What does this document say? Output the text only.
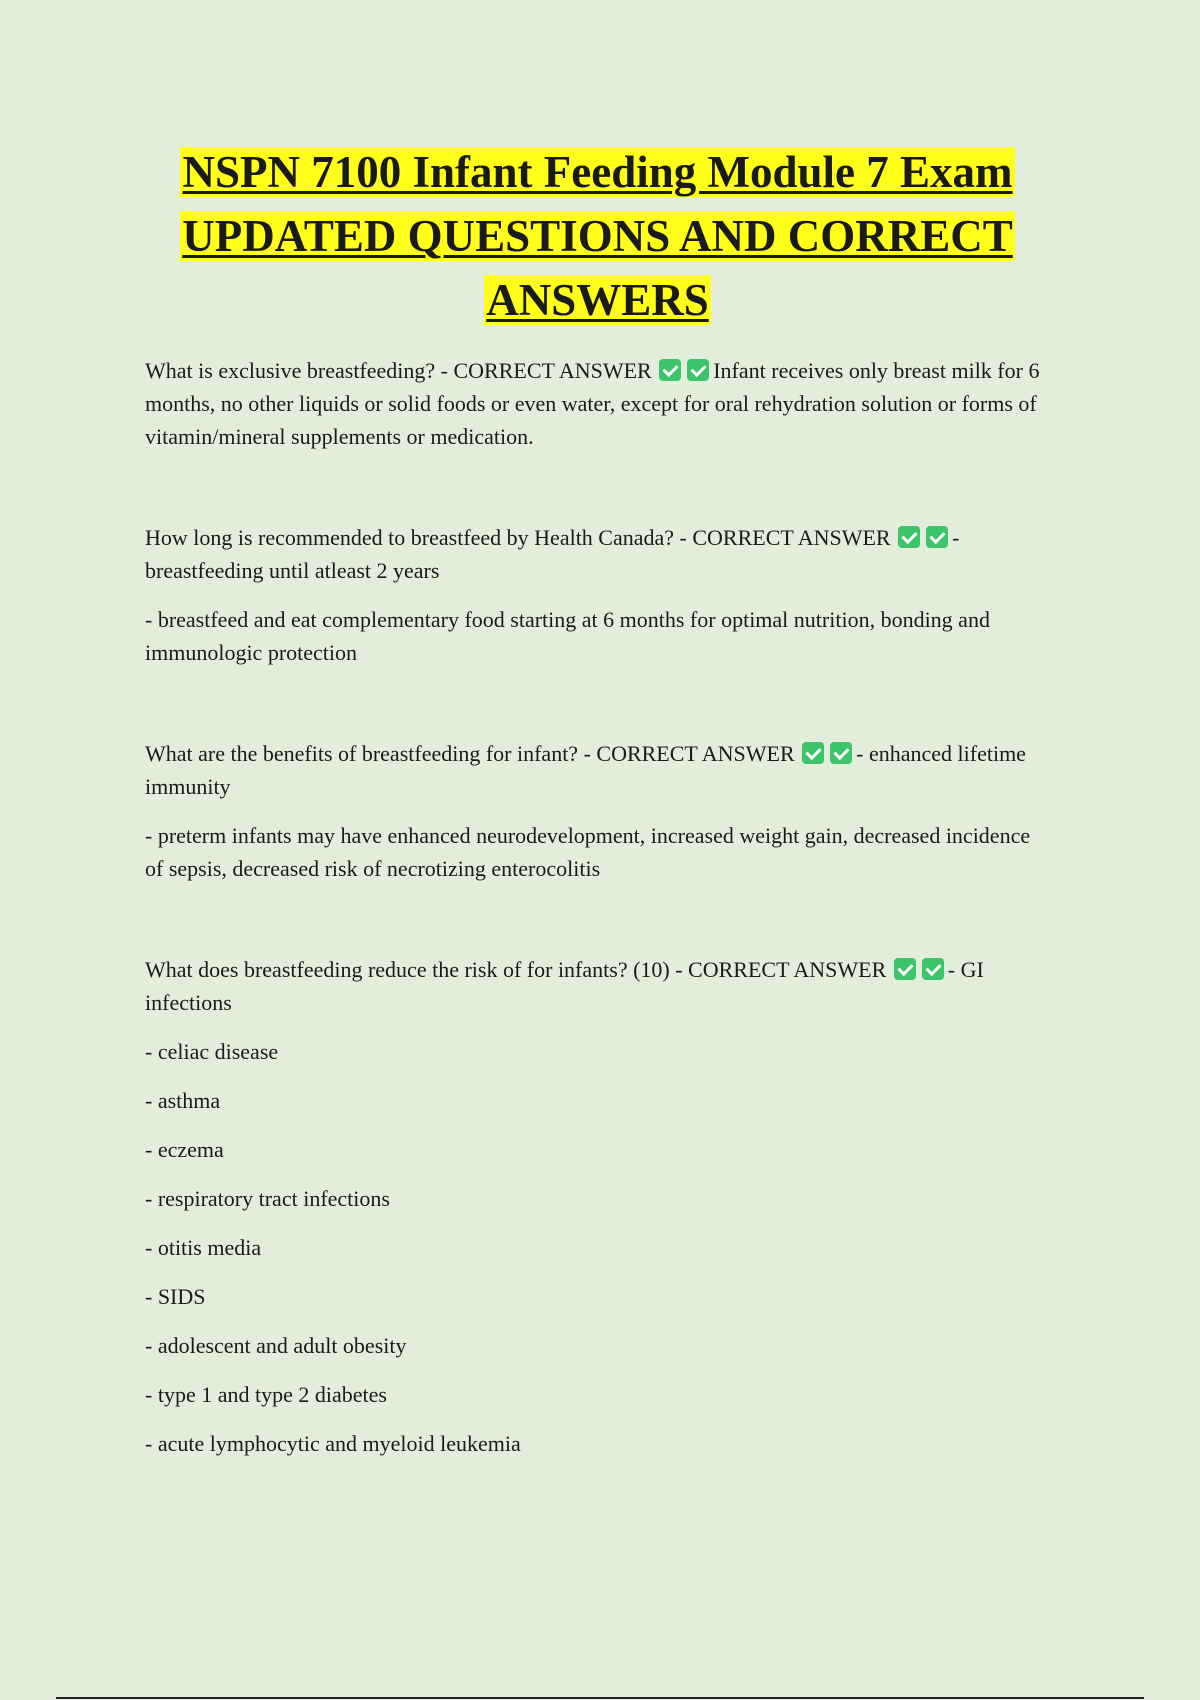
NSPN 7100 Infant Feeding Module 7 Exam UPDATED QUESTIONS AND CORRECT ANSWERS

What is exclusive breastfeeding? - CORRECT ANSWER	Infant receives only breast milk for 6 months, no other liquids or solid foods or even water, except for oral rehydration solution or forms of vitamin/mineral supplements or medication.

How long is recommended to breastfeed by Health Canada? - CORRECT ANSWER	- breastfeeding until atleast 2 years

- breastfeed and eat complementary food starting at 6 months for optimal nutrition, bonding and immunologic protection

What are the benefits of breastfeeding for infant? - CORRECT ANSWER	- enhanced lifetime immunity

- preterm infants may have enhanced neurodevelopment, increased weight gain, decreased incidence of sepsis, decreased risk of necrotizing enterocolitis

What does breastfeeding reduce the risk of for infants? (10) - CORRECT ANSWER	- GI infections

- celiac disease

- asthma

- eczema

- respiratory tract infections

- otitis media

- SIDS

- adolescent and adult obesity

- type 1 and type 2 diabetes

- acute lymphocytic and myeloid leukemia
